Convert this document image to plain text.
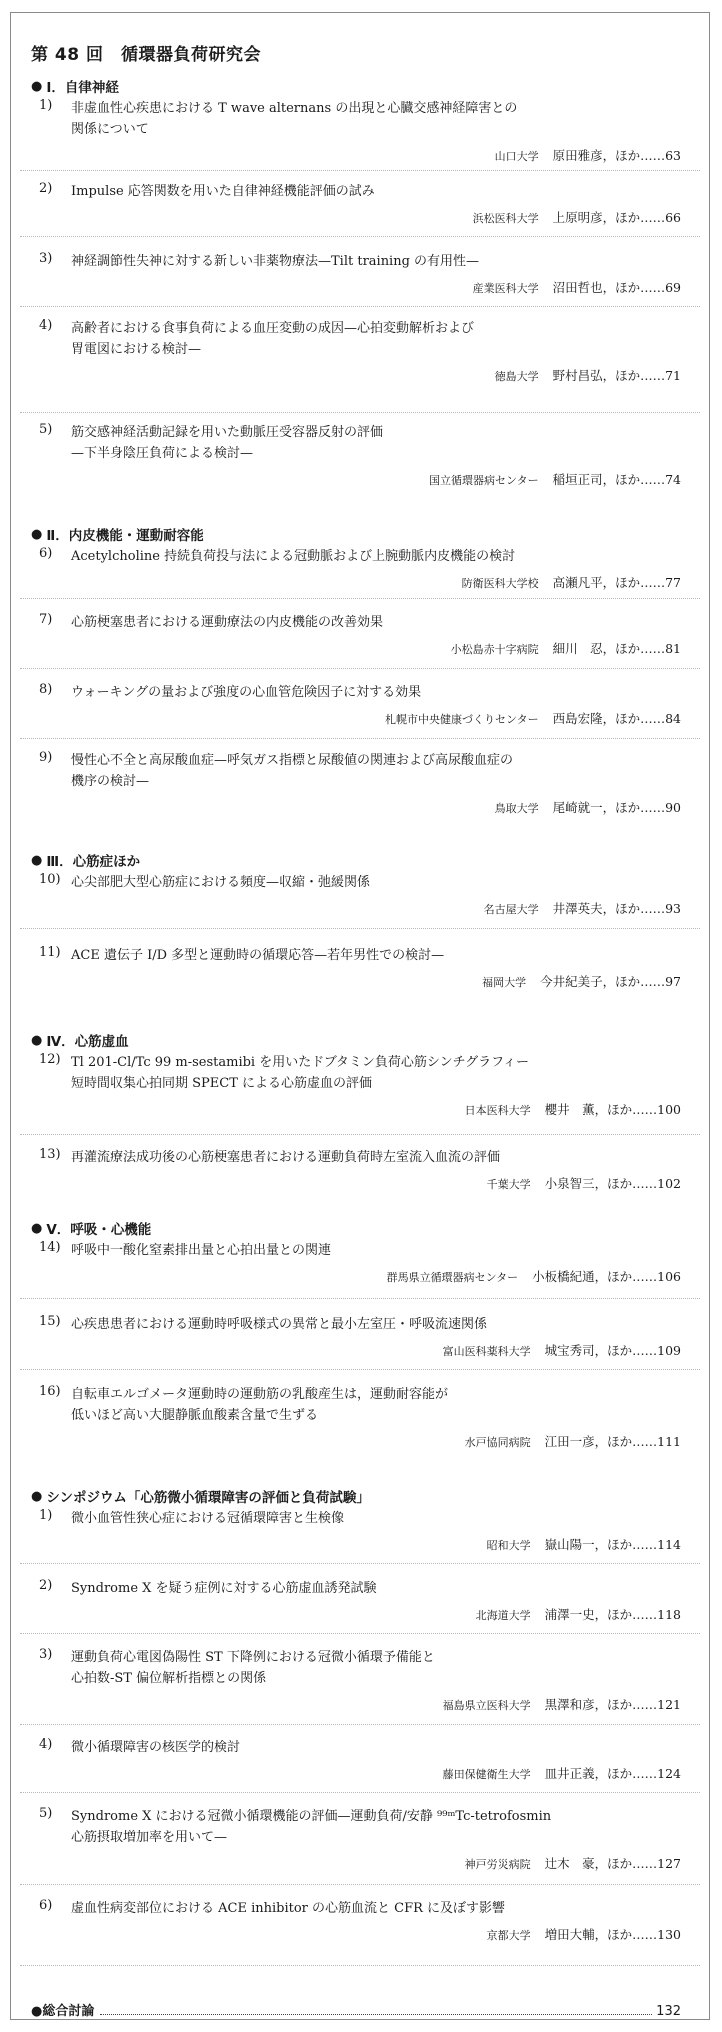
第 48 回　循環器負荷研究会
● Ⅰ．自律神経
1)	非虚血性心疾患における T wave alternans の出現と心臓交感神経障害との
関係について
山口大学 原田雅彦，ほか……63
2)	Impulse 応答関数を用いた自律神経機能評価の試み
浜松医科大学 上原明彦，ほか……66
3)	神経調節性失神に対する新しい非薬物療法—Tilt training の有用性—
産業医科大学 沼田哲也，ほか……69
4)	高齢者における食事負荷による血圧変動の成因—心拍変動解析および
胃電図における検討—
徳島大学 野村昌弘，ほか……71
5)	筋交感神経活動記録を用いた動脈圧受容器反射の評価
—下半身陰圧負荷による検討—
国立循環器病センター 稲垣正司，ほか……74
● Ⅱ．内皮機能・運動耐容能
6)	Acetylcholine 持続負荷投与法による冠動脈および上腕動脈内皮機能の検討
防衛医科大学校 高瀬凡平，ほか……77
7)	心筋梗塞患者における運動療法の内皮機能の改善効果
小松島赤十字病院 細川　忍，ほか……81
8)	ウォーキングの量および強度の心血管危険因子に対する効果
札幌市中央健康づくりセンター 西島宏隆，ほか……84
9)	慢性心不全と高尿酸血症—呼気ガス指標と尿酸値の関連および高尿酸血症の
機序の検討—
鳥取大学 尾崎就一，ほか……90
● Ⅲ．心筋症ほか
10) 心尖部肥大型心筋症における頻度—収縮・弛緩関係
名古屋大学 井澤英夫，ほか……93
11) ACE 遺伝子 I/D 多型と運動時の循環応答—若年男性での検討—
福岡大学 今井紀美子，ほか……97
● Ⅳ．心筋虚血
12) Tl 201-Cl/Tc 99 m-sestamibi を用いたドブタミン負荷心筋シンチグラフィー
短時間収集心拍同期 SPECT による心筋虚血の評価
日本医科大学 櫻井　薫，ほか……100
13) 再灌流療法成功後の心筋梗塞患者における運動負荷時左室流入血流の評価
千葉大学 小泉智三，ほか……102
● Ⅴ．呼吸・心機能
14) 呼吸中一酸化窒素排出量と心拍出量との関連
群馬県立循環器病センター 小板橋紀通，ほか……106
15) 心疾患患者における運動時呼吸様式の異常と最小左室圧・呼吸流速関係
富山医科薬科大学 城宝秀司，ほか……109
16) 自転車エルゴメータ運動時の運動筋の乳酸産生は，運動耐容能が
低いほど高い大腿静脈血酸素含量で生ずる
水戸協同病院 江田一彦，ほか……111
● シンポジウム「心筋微小循環障害の評価と負荷試験」
1)	微小血管性狭心症における冠循環障害と生検像
昭和大学 嶽山陽一，ほか……114
2)	Syndrome X を疑う症例に対する心筋虚血誘発試験
北海道大学 浦澤一史，ほか……118
3)	運動負荷心電図偽陽性 ST 下降例における冠微小循環予備能と
心拍数-ST 偏位解析指標との関係
福島県立医科大学 黒澤和彦，ほか……121
4)	微小循環障害の核医学的検討
藤田保健衛生大学 皿井正義，ほか……124
5)	Syndrome X における冠微小循環機能の評価—運動負荷/安静 ⁹⁹ᵐTc-tetrofosmin
心筋摂取増加率を用いて—
神戸労災病院 辻木　豪，ほか……127
6)	虚血性病変部位における ACE inhibitor の心筋血流と CFR に及ぼす影響
京都大学 増田大輔，ほか……130
● 総合討論	132
